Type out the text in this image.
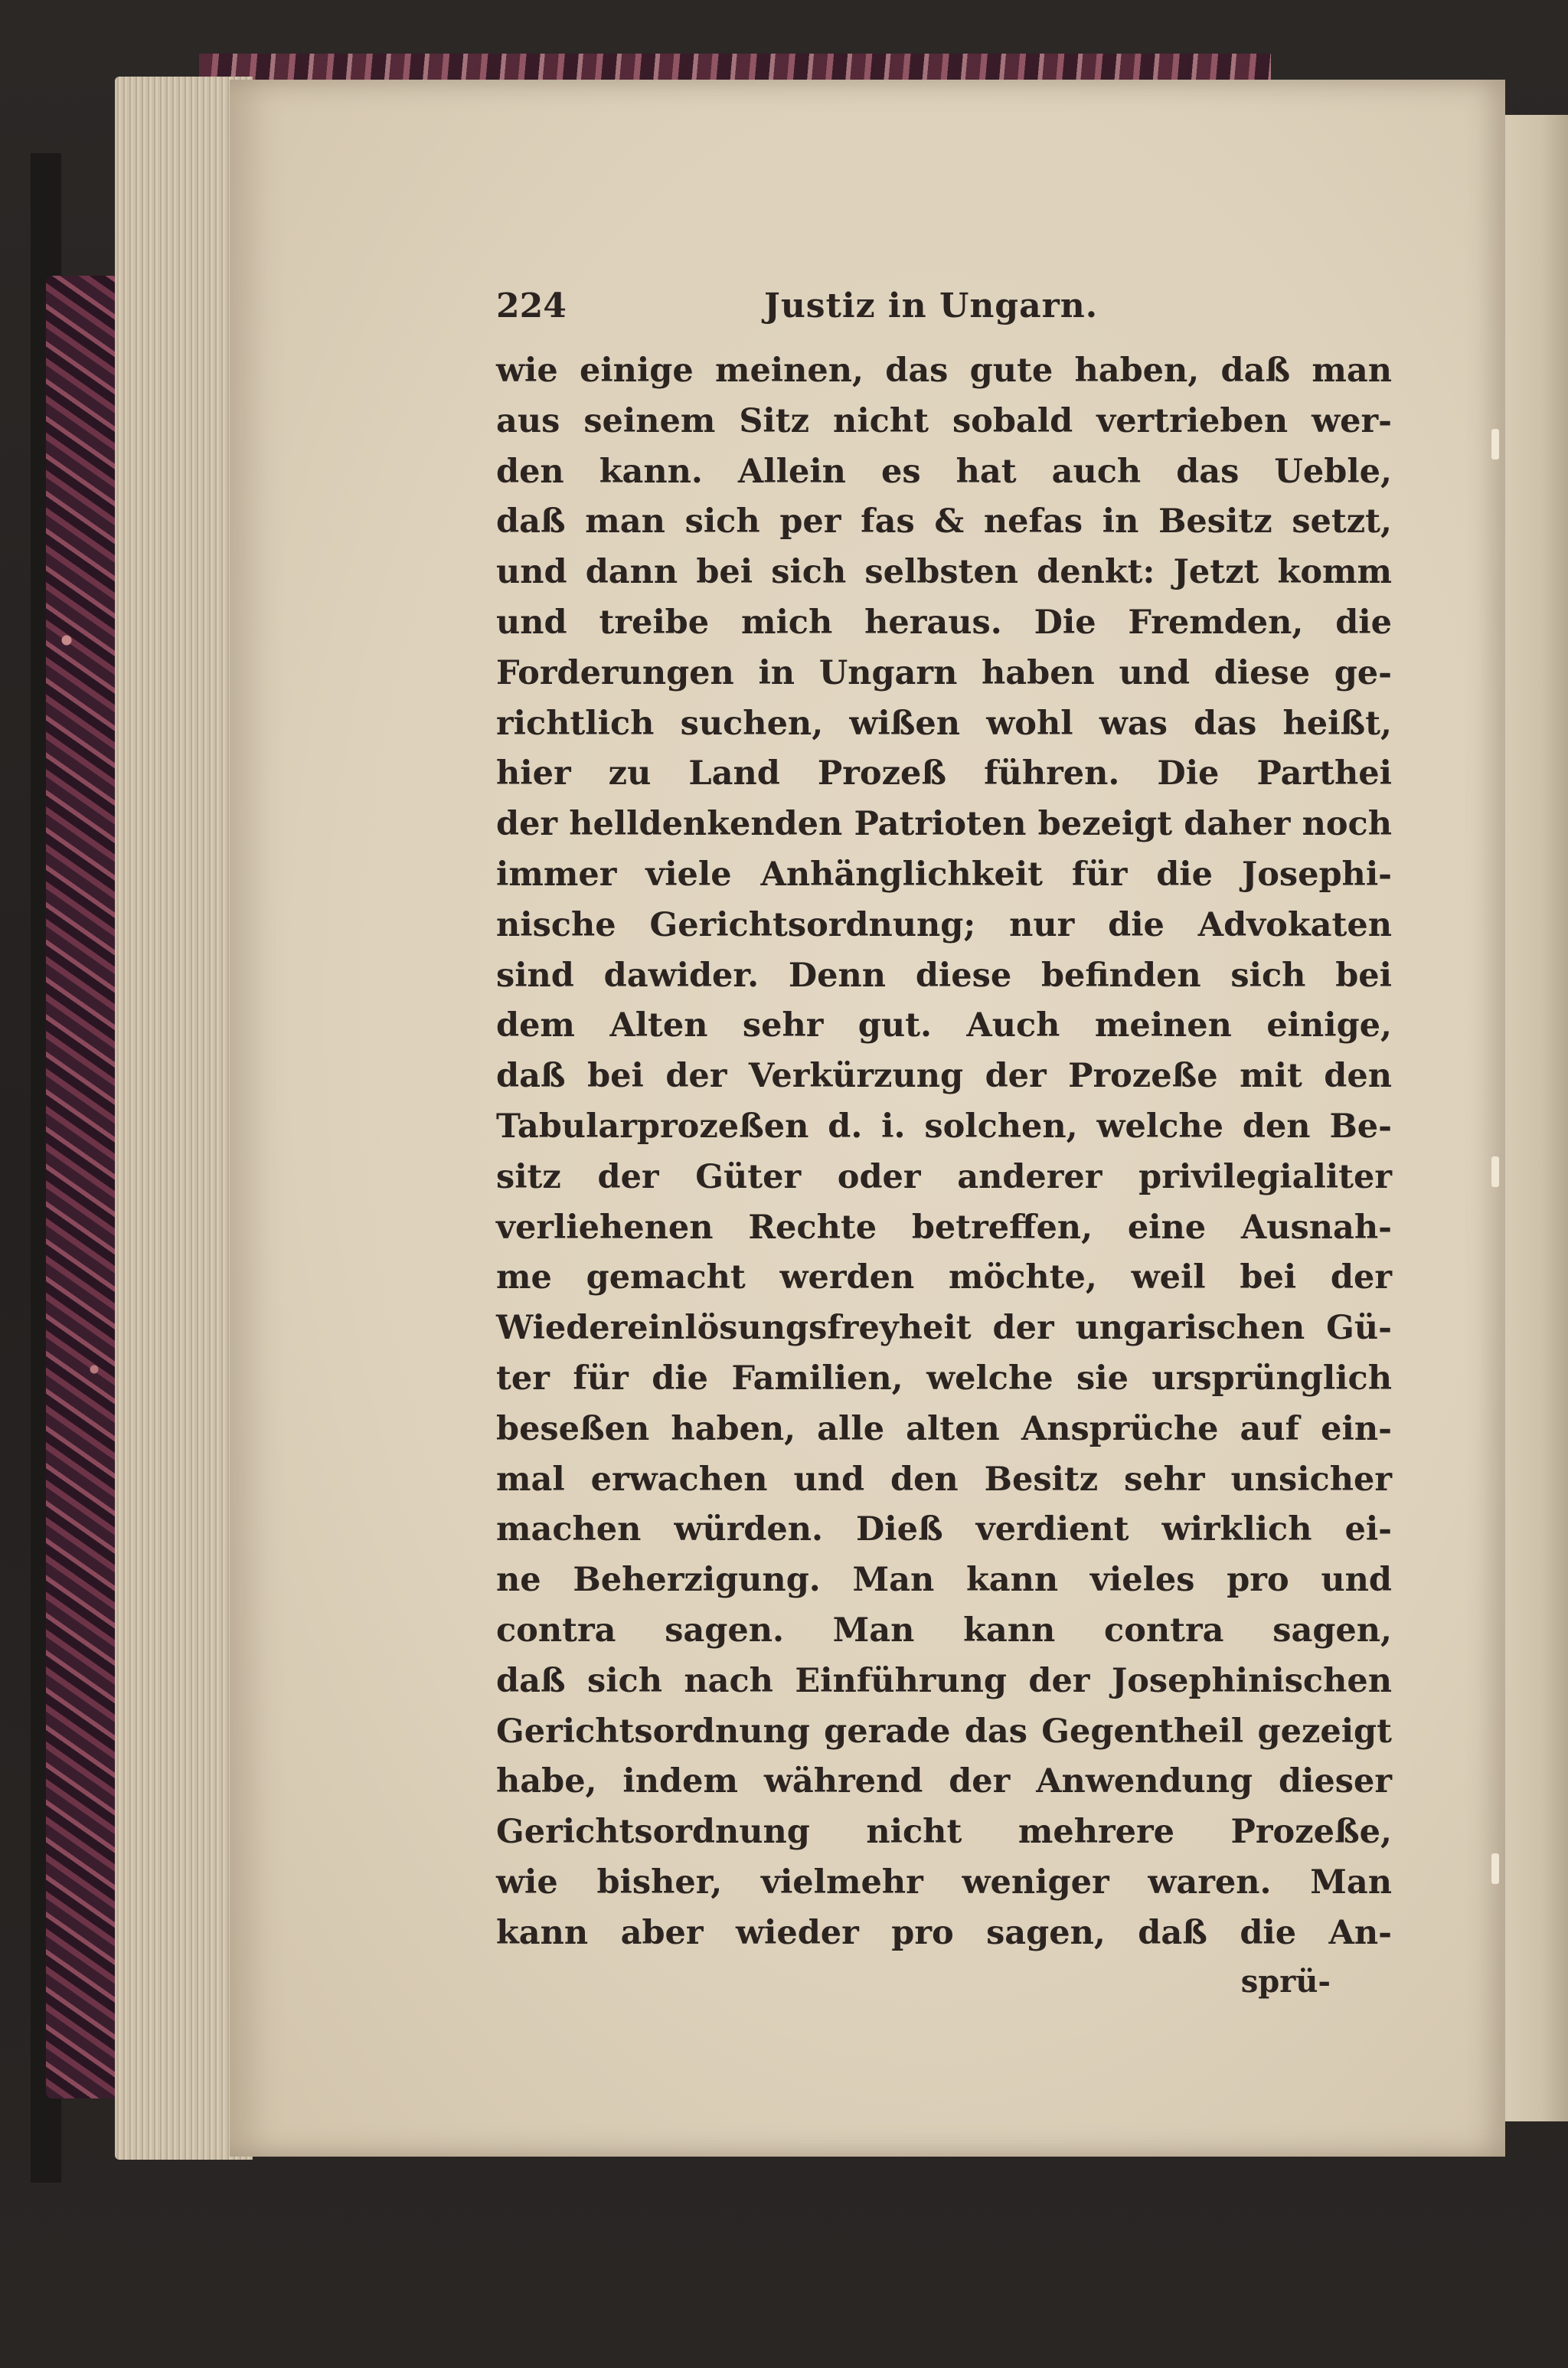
224	Justiz in Ungarn.
wie einige meinen, das gute haben, daß man
aus seinem Sitz nicht sobald vertrieben wer-
den kann. Allein es hat auch das Ueble,
daß man sich per fas & nefas in Besitz setzt,
und dann bei sich selbsten denkt: Jetzt komm
und treibe mich heraus. Die Fremden, die
Forderungen in Ungarn haben und diese ge-
richtlich suchen, wißen wohl was das heißt,
hier zu Land Prozeß führen. Die Parthei
der helldenkenden Patrioten bezeigt daher noch
immer viele Anhänglichkeit für die Josephi-
nische Gerichtsordnung; nur die Advokaten
sind dawider. Denn diese befinden sich bei
dem Alten sehr gut. Auch meinen einige,
daß bei der Verkürzung der Prozeße mit den
Tabularprozeßen d. i. solchen, welche den Be-
sitz der Güter oder anderer privilegialiter
verliehenen Rechte betreffen, eine Ausnah-
me gemacht werden möchte, weil bei der
Wiedereinlösungsfreyheit der ungarischen Gü-
ter für die Familien, welche sie ursprünglich
beseßen haben, alle alten Ansprüche auf ein-
mal erwachen und den Besitz sehr unsicher
machen würden. Dieß verdient wirklich ei-
ne Beherzigung. Man kann vieles pro und
contra sagen. Man kann contra sagen,
daß sich nach Einführung der Josephinischen
Gerichtsordnung gerade das Gegentheil gezeigt
habe, indem während der Anwendung dieser
Gerichtsordnung nicht mehrere Prozeße,
wie bisher, vielmehr weniger waren. Man
kann aber wieder pro sagen, daß die An-
sprü-
